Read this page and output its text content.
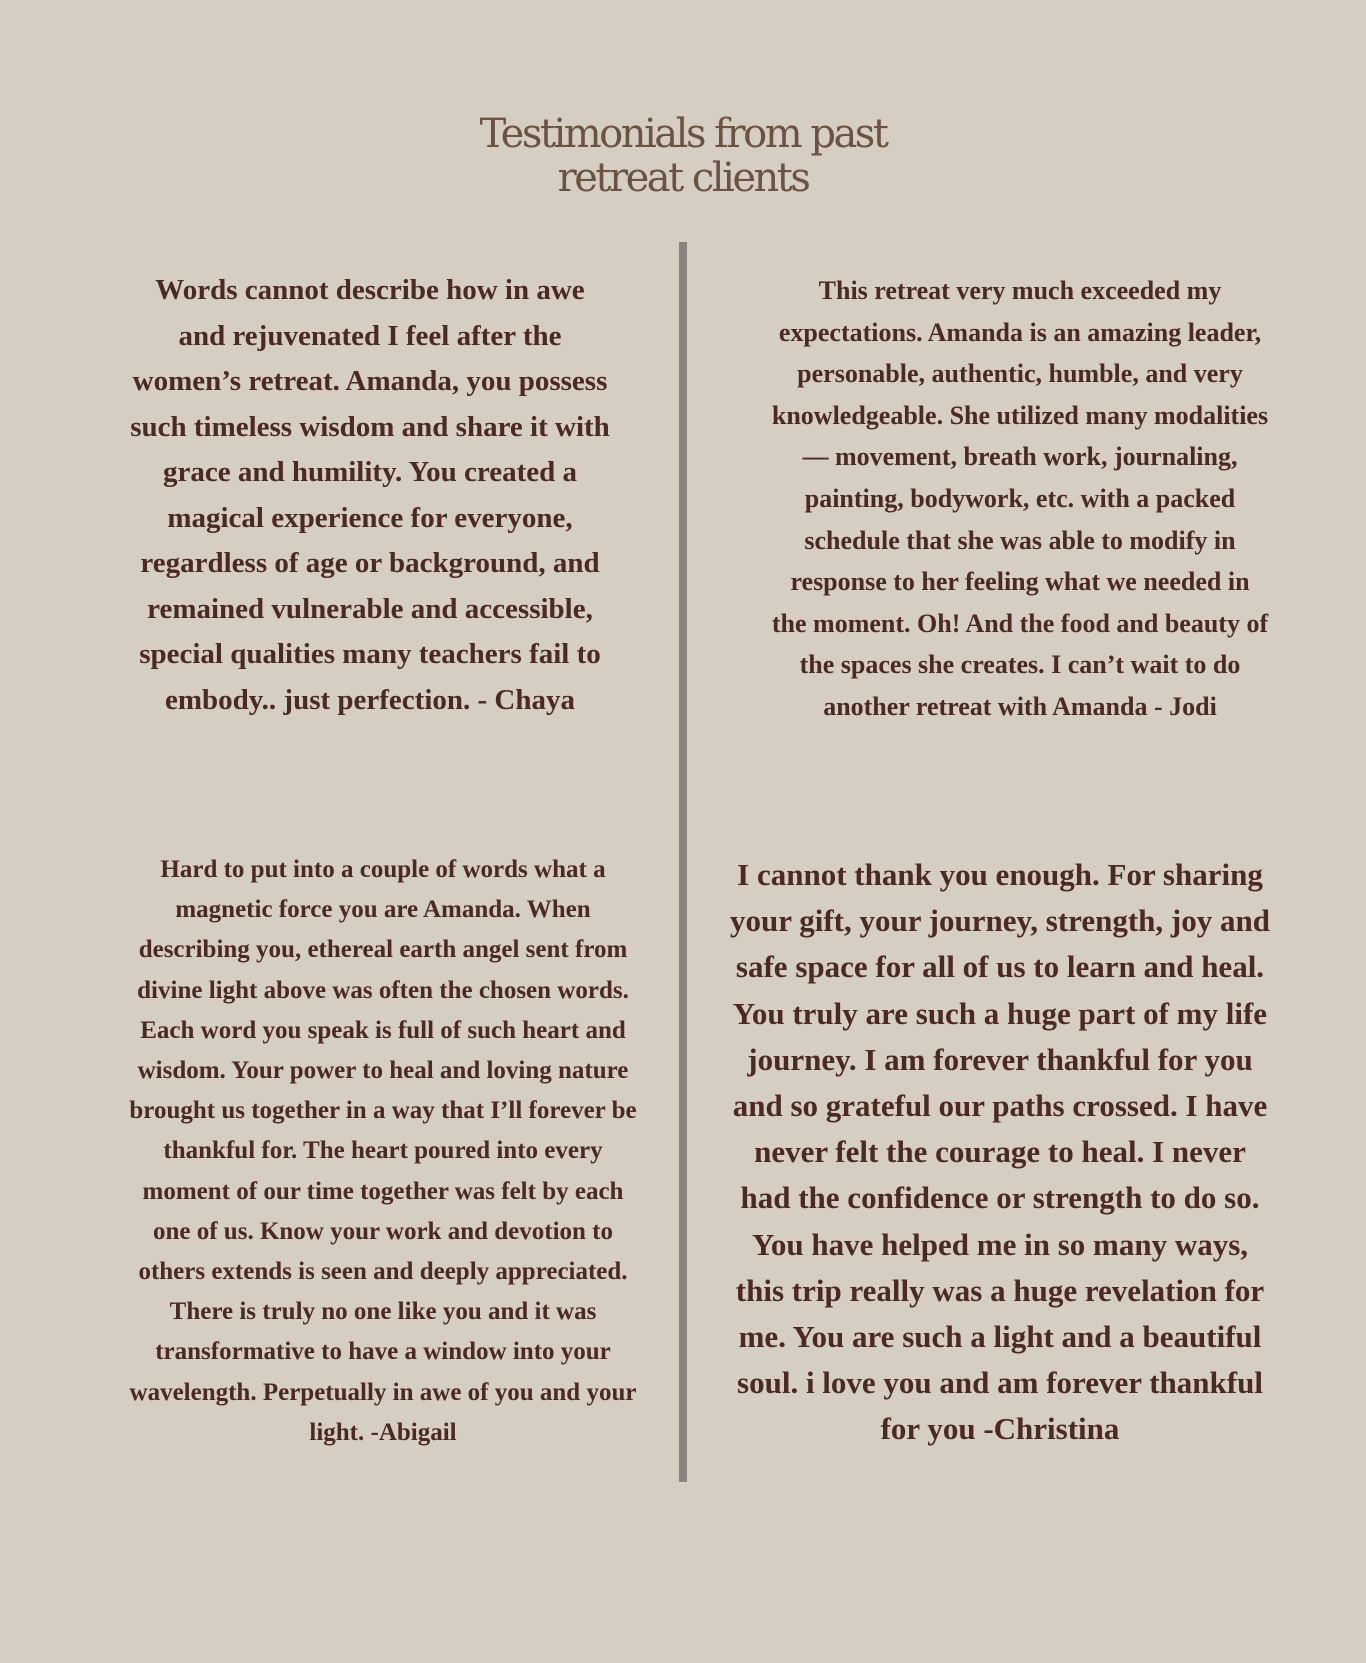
Testimonials from past
retreat clients

Words cannot describe how in awe and rejuvenated I feel after the women’s retreat. Amanda, you possess such timeless wisdom and share it with grace and humility. You created a magical experience for everyone, regardless of age or background, and remained vulnerable and accessible, special qualities many teachers fail to embody.. just perfection. - Chaya

This retreat very much exceeded my expectations. Amanda is an amazing leader, personable, authentic, humble, and very knowledgeable. She utilized many modalities — movement, breath work, journaling, painting, bodywork, etc. with a packed schedule that she was able to modify in response to her feeling what we needed in the moment. Oh! And the food and beauty of the spaces she creates. I can’t wait to do another retreat with Amanda - Jodi

Hard to put into a couple of words what a magnetic force you are Amanda. When describing you, ethereal earth angel sent from divine light above was often the chosen words. Each word you speak is full of such heart and wisdom. Your power to heal and loving nature brought us together in a way that I’ll forever be thankful for. The heart poured into every moment of our time together was felt by each one of us. Know your work and devotion to others extends is seen and deeply appreciated. There is truly no one like you and it was transformative to have a window into your wavelength. Perpetually in awe of you and your light. -Abigail

I cannot thank you enough. For sharing your gift, your journey, strength, joy and safe space for all of us to learn and heal. You truly are such a huge part of my life journey. I am forever thankful for you and so grateful our paths crossed. I have never felt the courage to heal. I never had the confidence or strength to do so. You have helped me in so many ways, this trip really was a huge revelation for me. You are such a light and a beautiful soul. i love you and am forever thankful for you -Christina
